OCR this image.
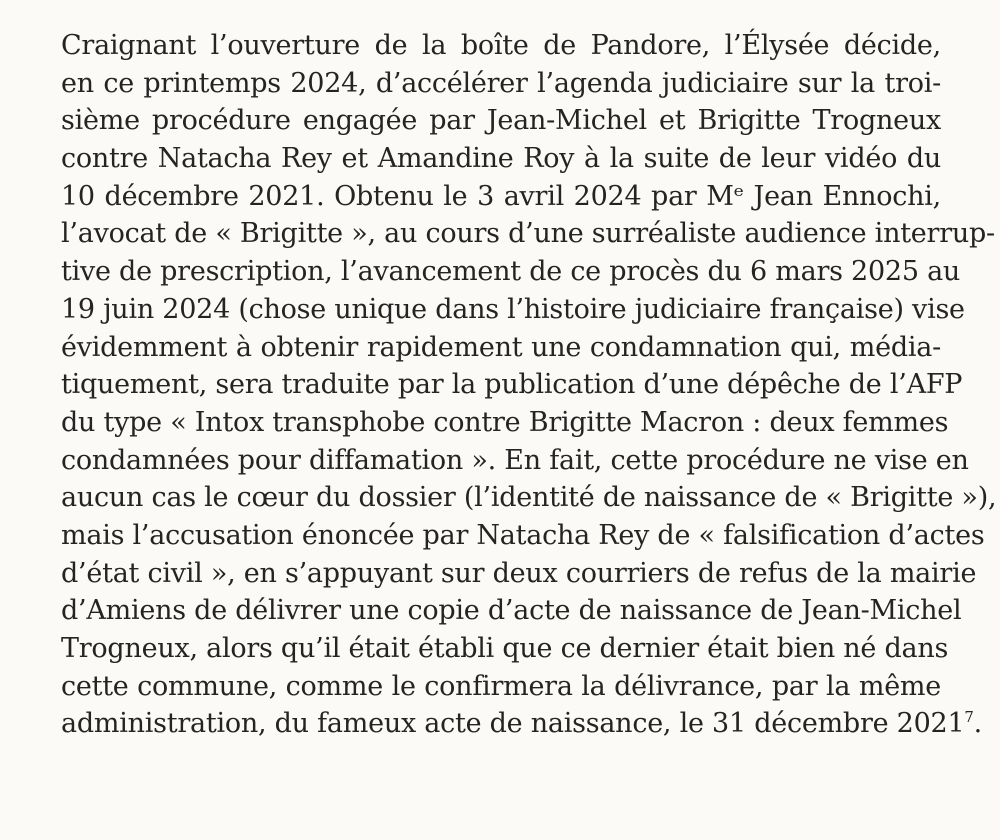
Craignant l’ouverture de la boîte de Pandore, l’Élysée décide,
en ce printemps 2024, d’accélérer l’agenda judiciaire sur la troi-
sième procédure engagée par Jean-Michel et Brigitte Trogneux
contre Natacha Rey et Amandine Roy à la suite de leur vidéo du
10 décembre 2021. Obtenu le 3 avril 2024 par Mᵉ Jean Ennochi,
l’avocat de « Brigitte », au cours d’une surréaliste audience interrup-
tive de prescription, l’avancement de ce procès du 6 mars 2025 au
19 juin 2024 (chose unique dans l’histoire judiciaire française) vise
évidemment à obtenir rapidement une condamnation qui, média-
tiquement, sera traduite par la publication d’une dépêche de l’AFP
du type « Intox transphobe contre Brigitte Macron : deux femmes
condamnées pour diffamation ». En fait, cette procédure ne vise en
aucun cas le cœur du dossier (l’identité de naissance de « Brigitte »),
mais l’accusation énoncée par Natacha Rey de « falsification d’actes
d’état civil », en s’appuyant sur deux courriers de refus de la mairie
d’Amiens de délivrer une copie d’acte de naissance de Jean-Michel
Trogneux, alors qu’il était établi que ce dernier était bien né dans
cette commune, comme le confirmera la délivrance, par la même
administration, du fameux acte de naissance, le 31 décembre 2021$^7$.
